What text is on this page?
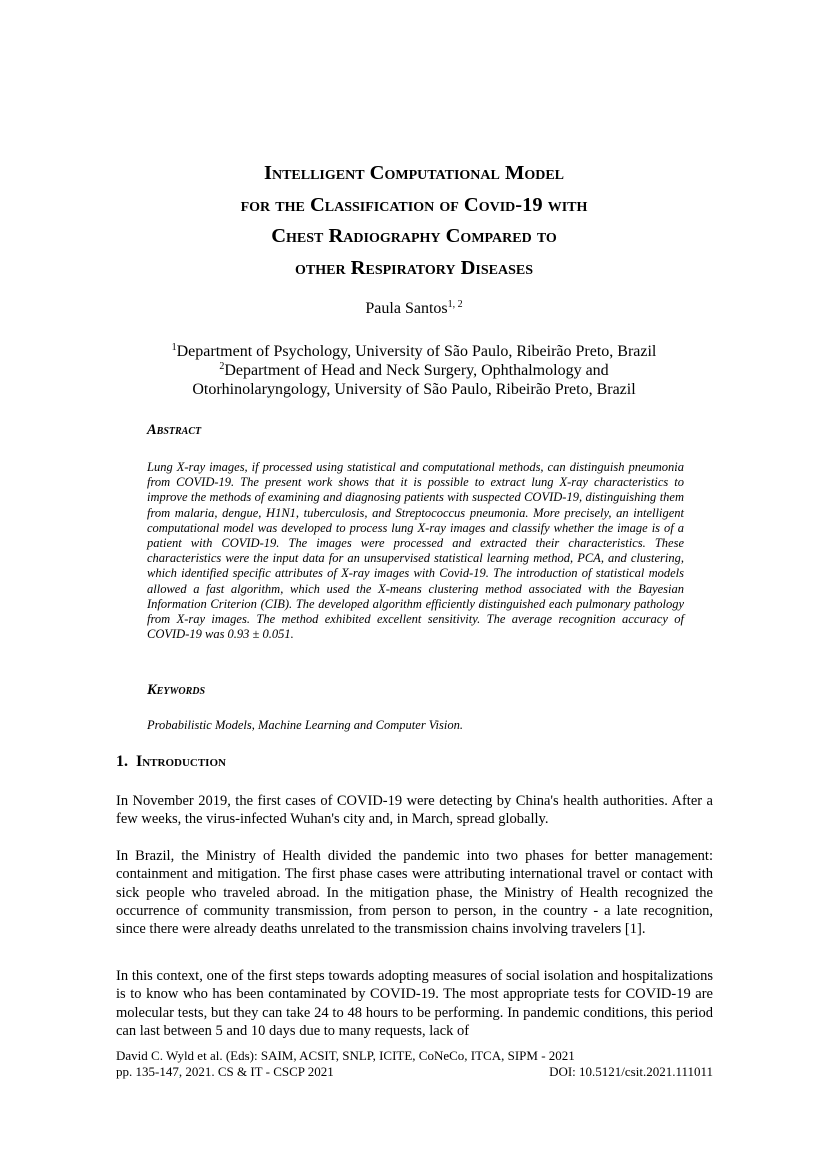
Intelligent Computational Model
for the Classification of Covid-19 with
Chest Radiography Compared to
other Respiratory Diseases
Paula Santos$^{1, 2}$
$^1$Department of Psychology, University of São Paulo, Ribeirão Preto, Brazil
$^2$Department of Head and Neck Surgery, Ophthalmology and
Otorhinolaryngology, University of São Paulo, Ribeirão Preto, Brazil
Abstract

Lung X-ray images, if processed using statistical and computational methods, can distinguish pneumonia from COVID-19. The present work shows that it is possible to extract lung X-ray characteristics to improve the methods of examining and diagnosing patients with suspected COVID-19, distinguishing them from malaria, dengue, H1N1, tuberculosis, and Streptococcus pneumonia. More precisely, an intelligent computational model was developed to process lung X-ray images and classify whether the image is of a patient with COVID-19. The images were processed and extracted their characteristics. These characteristics were the input data for an unsupervised statistical learning method, PCA, and clustering, which identified specific attributes of X-ray images with Covid-19. The introduction of statistical models allowed a fast algorithm, which used the X-means clustering method associated with the Bayesian Information Criterion (CIB). The developed algorithm efficiently distinguished each pulmonary pathology from X-ray images. The method exhibited excellent sensitivity. The average recognition accuracy of COVID-19 was 0.93 ± 0.051.

Keywords

Probabilistic Models, Machine Learning and Computer Vision.

1. Introduction

In November 2019, the first cases of COVID-19 were detecting by China's health authorities. After a few weeks, the virus-infected Wuhan's city and, in March, spread globally.

In Brazil, the Ministry of Health divided the pandemic into two phases for better management: containment and mitigation. The first phase cases were attributing international travel or contact with sick people who traveled abroad. In the mitigation phase, the Ministry of Health recognized the occurrence of community transmission, from person to person, in the country - a late recognition, since there were already deaths unrelated to the transmission chains involving travelers [1].

In this context, one of the first steps towards adopting measures of social isolation and hospitalizations is to know who has been contaminated by COVID-19. The most appropriate tests for COVID-19 are molecular tests, but they can take 24 to 48 hours to be performing. In pandemic conditions, this period can last between 5 and 10 days due to many requests, lack of

David C. Wyld et al. (Eds): SAIM, ACSIT, SNLP, ICITE, CoNeCo, ITCA, SIPM - 2021
pp. 135-147, 2021. CS & IT - CSCP 2021	DOI: 10.5121/csit.2021.111011
